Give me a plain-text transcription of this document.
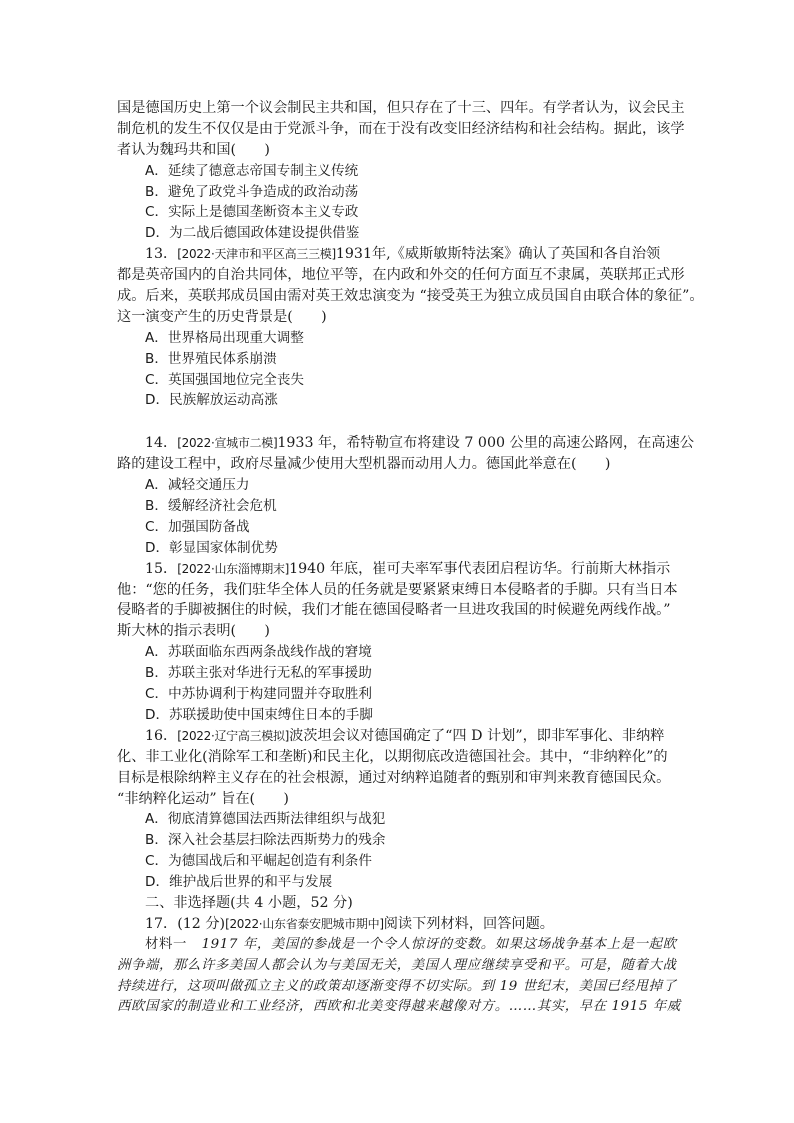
国是德国历史上第一个议会制民主共和国，但只存在了十三、四年。有学者认为，议会民主
制危机的发生不仅仅是由于党派斗争，而在于没有改变旧经济结构和社会结构。据此，该学
者认为魏玛共和国(　　)
A．延续了德意志帝国专制主义传统
B．避免了政党斗争造成的政治动荡
C．实际上是德国垄断资本主义专政
D．为二战后德国政体建设提供借鉴
13．[2022·天津市和平区高三三模]1931年,《威斯敏斯特法案》确认了英国和各自治领
都是英帝国内的自治共同体，地位平等，在内政和外交的任何方面互不隶属，英联邦正式形
成。后来，英联邦成员国由需对英王效忠演变为 “接受英王为独立成员国自由联合体的象征”。
这一演变产生的历史背景是(　　)
A．世界格局出现重大调整
B．世界殖民体系崩溃
C．英国强国地位完全丧失
D．民族解放运动高涨
14．[2022·宣城市二模]1933 年，希特勒宣布将建设 7 000 公里的高速公路网，在高速公
路的建设工程中，政府尽量减少使用大型机器而动用人力。德国此举意在(　　)
A．减轻交通压力
B．缓解经济社会危机
C．加强国防备战
D．彰显国家体制优势
15．[2022·山东淄博期末]1940 年底，崔可夫率军事代表团启程访华。行前斯大林指示
他：“您的任务，我们驻华全体人员的任务就是要紧紧束缚日本侵略者的手脚。只有当日本
侵略者的手脚被捆住的时候，我们才能在德国侵略者一旦进攻我国的时候避免两线作战。”
斯大林的指示表明(　　)
A．苏联面临东西两条战线作战的窘境
B．苏联主张对华进行无私的军事援助
C．中苏协调利于构建同盟并夺取胜利
D．苏联援助使中国束缚住日本的手脚
16．[2022·辽宁高三模拟]波茨坦会议对德国确定了“四 D 计划”，即非军事化、非纳粹
化、非工业化(消除军工和垄断)和民主化，以期彻底改造德国社会。其中，“非纳粹化”的
目标是根除纳粹主义存在的社会根源，通过对纳粹追随者的甄别和审判来教育德国民众。
“非纳粹化运动” 旨在(　　)
A．彻底清算德国法西斯法律组织与战犯
B．深入社会基层扫除法西斯势力的残余
C．为德国战后和平崛起创造有利条件
D．维护战后世界的和平与发展
二、非选择题(共 4 小题，52 分)
17．(12 分)[2022·山东省泰安肥城市期中]阅读下列材料，回答问题。
材料一 1917 年，美国的参战是一个令人惊讶的变数。如果这场战争基本上是一起欧
洲争端，那么许多美国人都会认为与美国无关，美国人理应继续享受和平。可是，随着大战
持续进行，这项叫做孤立主义的政策却逐渐变得不切实际。到 19 世纪末，美国已经甩掉了
西欧国家的制造业和工业经济，西欧和北美变得越来越像对方。……其实，早在 1915 年威
